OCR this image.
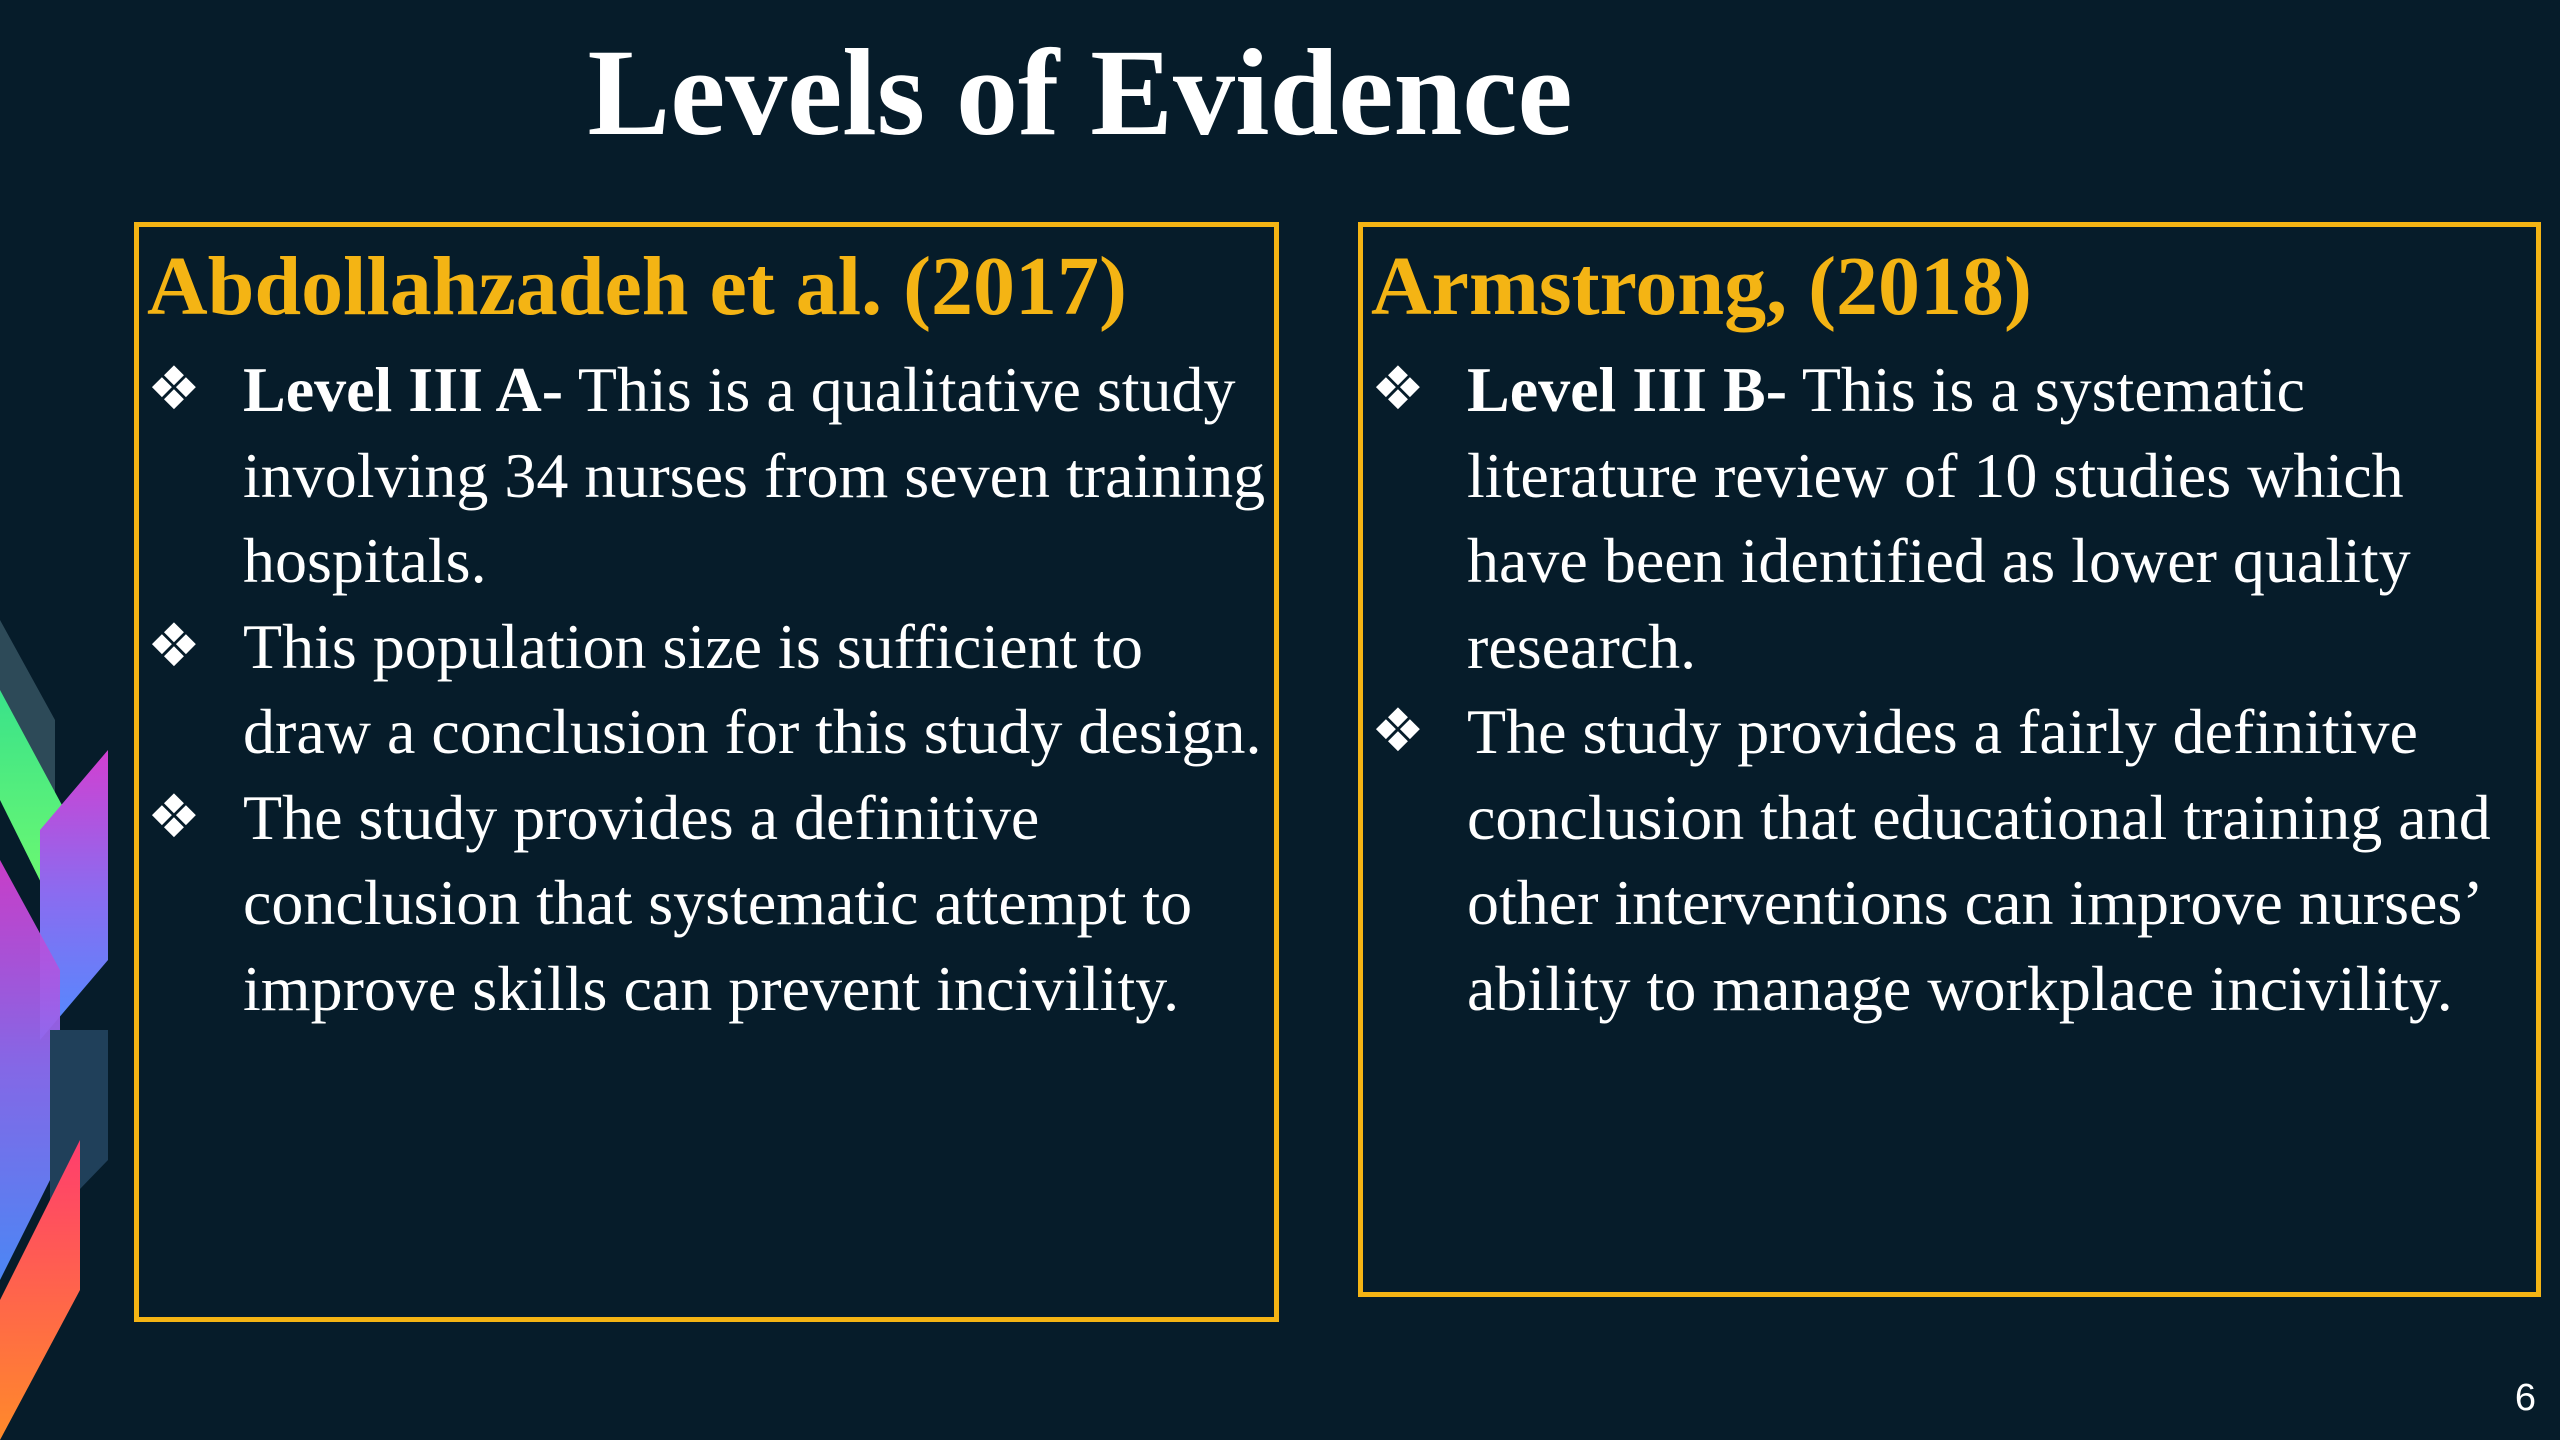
Levels of Evidence
Abdollahzadeh et al. (2017)
❖ Level III A- This is a qualitative study involving 34 nurses from seven training hospitals.
❖ This population size is sufficient to draw a conclusion for this study design.
❖ The study provides a definitive conclusion that systematic attempt to improve skills can prevent incivility.
Armstrong, (2018)
❖ Level III B- This is a systematic literature review of 10 studies which have been identified as lower quality research.
❖ The study provides a fairly definitive conclusion that educational training and other interventions can improve nurses’ ability to manage workplace incivility.
6
